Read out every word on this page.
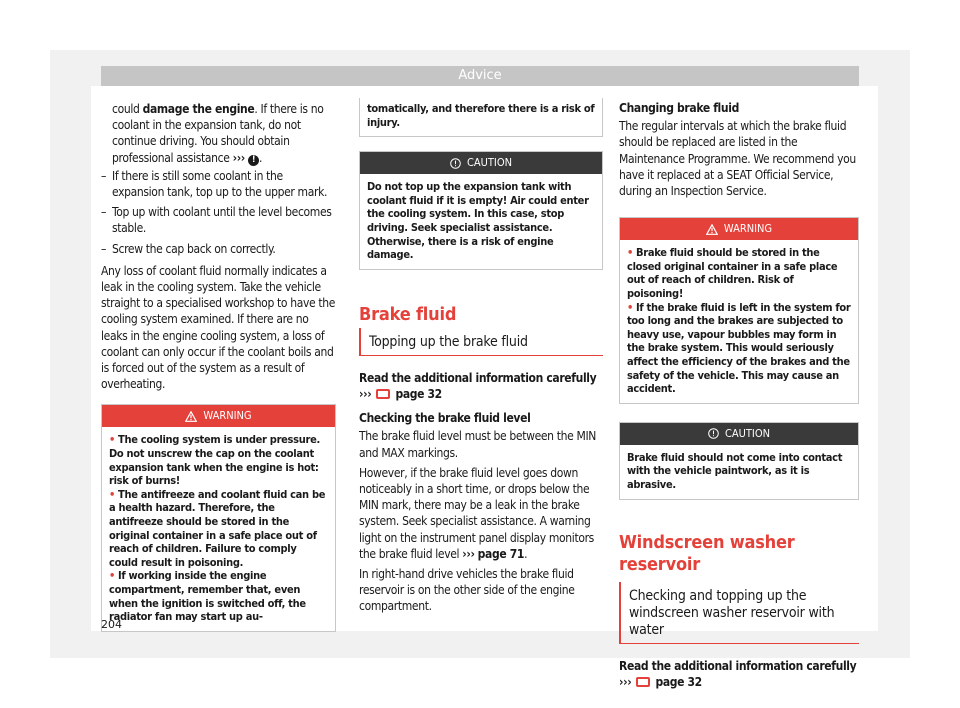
Advice

could damage the engine. If there is no coolant in the expansion tank, do not continue driving. You should obtain professional assistance ››› ! .

– If there is still some coolant in the expansion tank, top up to the upper mark.

– Top up with coolant until the level becomes stable.

– Screw the cap back on correctly.

Any loss of coolant fluid normally indicates a leak in the cooling system. Take the vehicle straight to a specialised workshop to have the cooling system examined. If there are no leaks in the engine cooling system, a loss of coolant can only occur if the coolant boils and is forced out of the system as a result of overheating.

WARNING

• The cooling system is under pressure. Do not unscrew the cap on the coolant expansion tank when the engine is hot: risk of burns!

• The antifreeze and coolant fluid can be a health hazard. Therefore, the antifreeze should be stored in the original container in a safe place out of reach of children. Failure to comply could result in poisoning.

• If working inside the engine compartment, remember that, even when the ignition is switched off, the radiator fan may start up au-

tomatically, and therefore there is a risk of injury.

CAUTION

Do not top up the expansion tank with coolant fluid if it is empty! Air could enter the cooling system. In this case, stop driving. Seek specialist assistance. Otherwise, there is a risk of engine damage.

Brake fluid

Topping up the brake fluid

Read the additional information carefully
››› page 32

Checking the brake fluid level

The brake fluid level must be between the MIN and MAX markings.

However, if the brake fluid level goes down noticeably in a short time, or drops below the MIN mark, there may be a leak in the brake system. Seek specialist assistance. A warning light on the instrument panel display monitors the brake fluid level ››› page 71.

In right-hand drive vehicles the brake fluid reservoir is on the other side of the engine compartment.

Changing brake fluid

The regular intervals at which the brake fluid should be replaced are listed in the Maintenance Programme. We recommend you have it replaced at a SEAT Official Service, during an Inspection Service.

WARNING

• Brake fluid should be stored in the closed original container in a safe place out of reach of children. Risk of poisoning!

• If the brake fluid is left in the system for too long and the brakes are subjected to heavy use, vapour bubbles may form in the brake system. This would seriously affect the efficiency of the brakes and the safety of the vehicle. This may cause an accident.

CAUTION

Brake fluid should not come into contact with the vehicle paintwork, as it is abrasive.

Windscreen washer reservoir

Checking and topping up the windscreen washer reservoir with water

Read the additional information carefully
››› page 32

204
